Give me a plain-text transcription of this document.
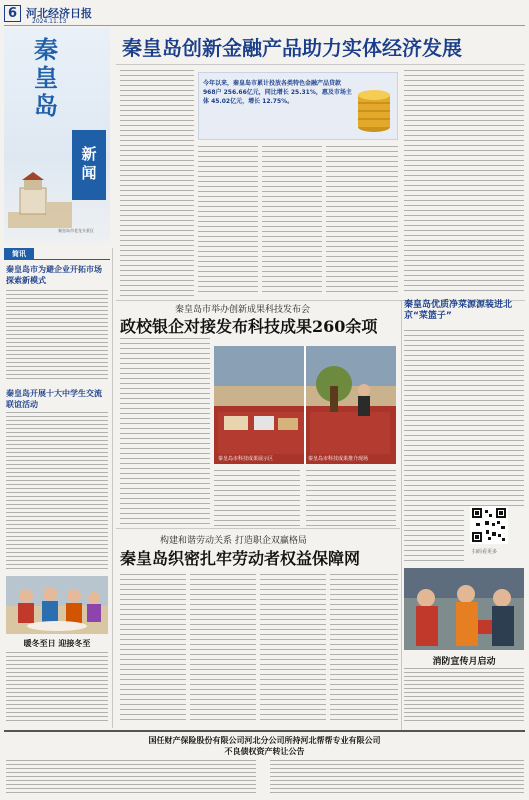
6 河北经济日报
2024.11.13
秦皇岛
新闻
秦皇岛市老龙头景区
秦皇岛创新金融产品助力实体经济发展
今年以来，秦皇岛市累计投放各类特色金融产品贷款 968户 256.66亿元，同比增长 25.31%，惠及市场主体 45.02亿元，增长 12.75%。
简讯
秦皇岛市为避企业开拓市场探索新模式
秦皇岛开展十大中学生交流联谊活动
暖冬至日 迎接冬至
秦皇岛市举办创新成果科技发布会
政校银企对接发布科技成果260余项
秦皇岛市科技成果展示区	秦皇岛市科技成果推介现场
秦皇岛优质净菜源源装进北京“菜篮子”
扫码看更多
消防宣传月启动
构建和谐劳动关系 打造职企双赢格局
秦皇岛织密扎牢劳动者权益保障网
国任财产保险股份有限公司河北分公司所持河北帮帮专业有限公司
不良债权资产转让公告
